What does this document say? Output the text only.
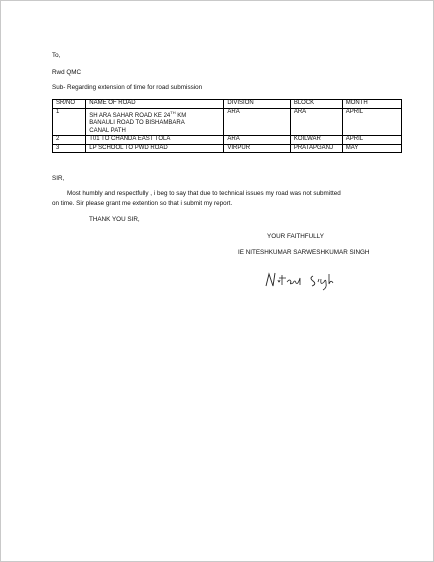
To,
Rwd QMC
Sub- Regarding extension of time for road submission
SR/NO	NAME OF ROAD	DIVISION	BLOCK	MONTH
1	SH ARA SAHAR ROAD KE 24TH KM
BANAULI ROAD TO BISHAMBARA
CANAL PATH	ARA	ARA	APRIL
2	T01 TO CHANDA EAST TOLA	ARA	KOILWAR	APRIL
3	LP SCHOOL TO PWD ROAD	VIRPUR	PRATAPGANJ	MAY
SIR,
Most humbly and respectfully , i beg to say that due to technical issues my road was not submitted
on time. Sir please grant me extention so that i submit my report.
THANK YOU SIR,
YOUR FAITHFULLY
IE NITESHKUMAR SARWESHKUMAR SINGH
